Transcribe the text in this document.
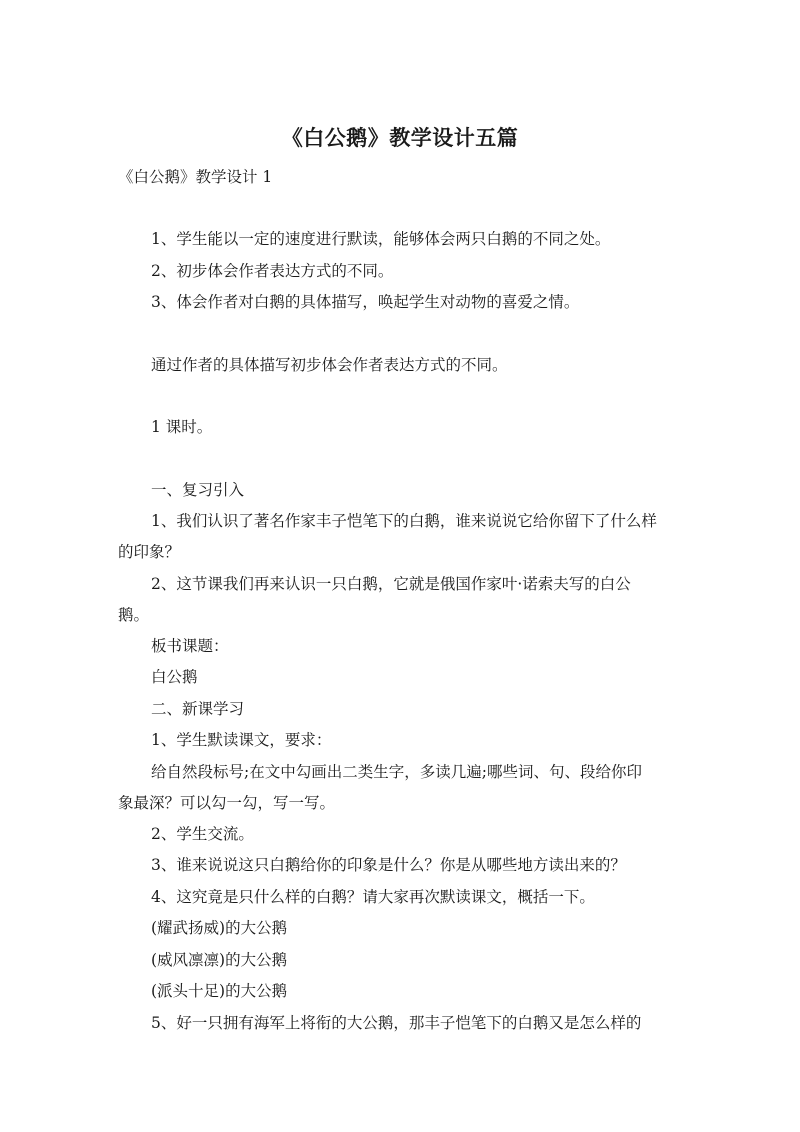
《白公鹅》教学设计五篇
《白公鹅》教学设计 1
1、学生能以一定的速度进行默读，能够体会两只白鹅的不同之处。
2、初步体会作者表达方式的不同。
3、体会作者对白鹅的具体描写，唤起学生对动物的喜爱之情。
通过作者的具体描写初步体会作者表达方式的不同。
1 课时。
一、复习引入
1、我们认识了著名作家丰子恺笔下的白鹅，谁来说说它给你留下了什么样
的印象？
2、这节课我们再来认识一只白鹅，它就是俄国作家叶·诺索夫写的白公
鹅。
板书课题：
白公鹅
二、新课学习
1、学生默读课文，要求：
给自然段标号;在文中勾画出二类生字，多读几遍;哪些词、句、段给你印
象最深？可以勾一勾，写一写。
2、学生交流。
3、谁来说说这只白鹅给你的印象是什么？你是从哪些地方读出来的？
4、这究竟是只什么样的白鹅？请大家再次默读课文，概括一下。
(耀武扬威)的大公鹅
(威风凛凛)的大公鹅
(派头十足)的大公鹅
5、好一只拥有海军上将衔的大公鹅，那丰子恺笔下的白鹅又是怎么样的
